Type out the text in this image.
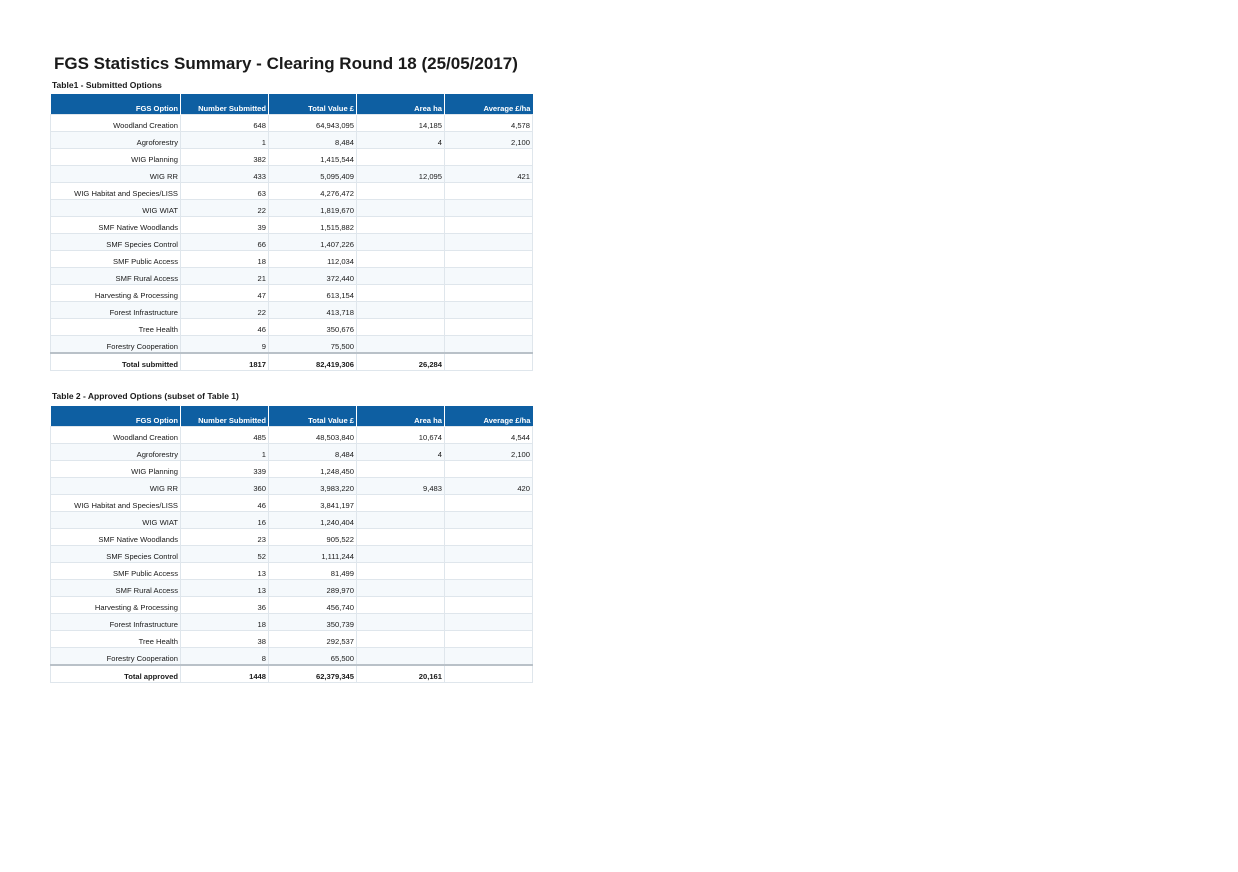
FGS Statistics Summary - Clearing Round 18 (25/05/2017)
Table1 - Submitted Options
FGS Option	Number Submitted	Total Value £	Area ha	Average £/ha
Woodland Creation	648	64,943,095	14,185	4,578
Agroforestry	1	8,484	4	2,100
WIG Planning	382	1,415,544		
WIG RR	433	5,095,409	12,095	421
WIG Habitat and Species/LISS	63	4,276,472		
WIG WIAT	22	1,819,670		
SMF Native Woodlands	39	1,515,882		
SMF Species Control	66	1,407,226		
SMF Public Access	18	112,034		
SMF Rural Access	21	372,440		
Harvesting & Processing	47	613,154		
Forest Infrastructure	22	413,718		
Tree Health	46	350,676		
Forestry Cooperation	9	75,500		
Total submitted	1817	82,419,306	26,284	
Table 2 - Approved Options (subset of Table 1)
FGS Option	Number Submitted	Total Value £	Area ha	Average £/ha
Woodland Creation	485	48,503,840	10,674	4,544
Agroforestry	1	8,484	4	2,100
WIG Planning	339	1,248,450		
WIG RR	360	3,983,220	9,483	420
WIG Habitat and Species/LISS	46	3,841,197		
WIG WIAT	16	1,240,404		
SMF Native Woodlands	23	905,522		
SMF Species Control	52	1,111,244		
SMF Public Access	13	81,499		
SMF Rural Access	13	289,970		
Harvesting & Processing	36	456,740		
Forest Infrastructure	18	350,739		
Tree Health	38	292,537		
Forestry Cooperation	8	65,500		
Total approved	1448	62,379,345	20,161	
